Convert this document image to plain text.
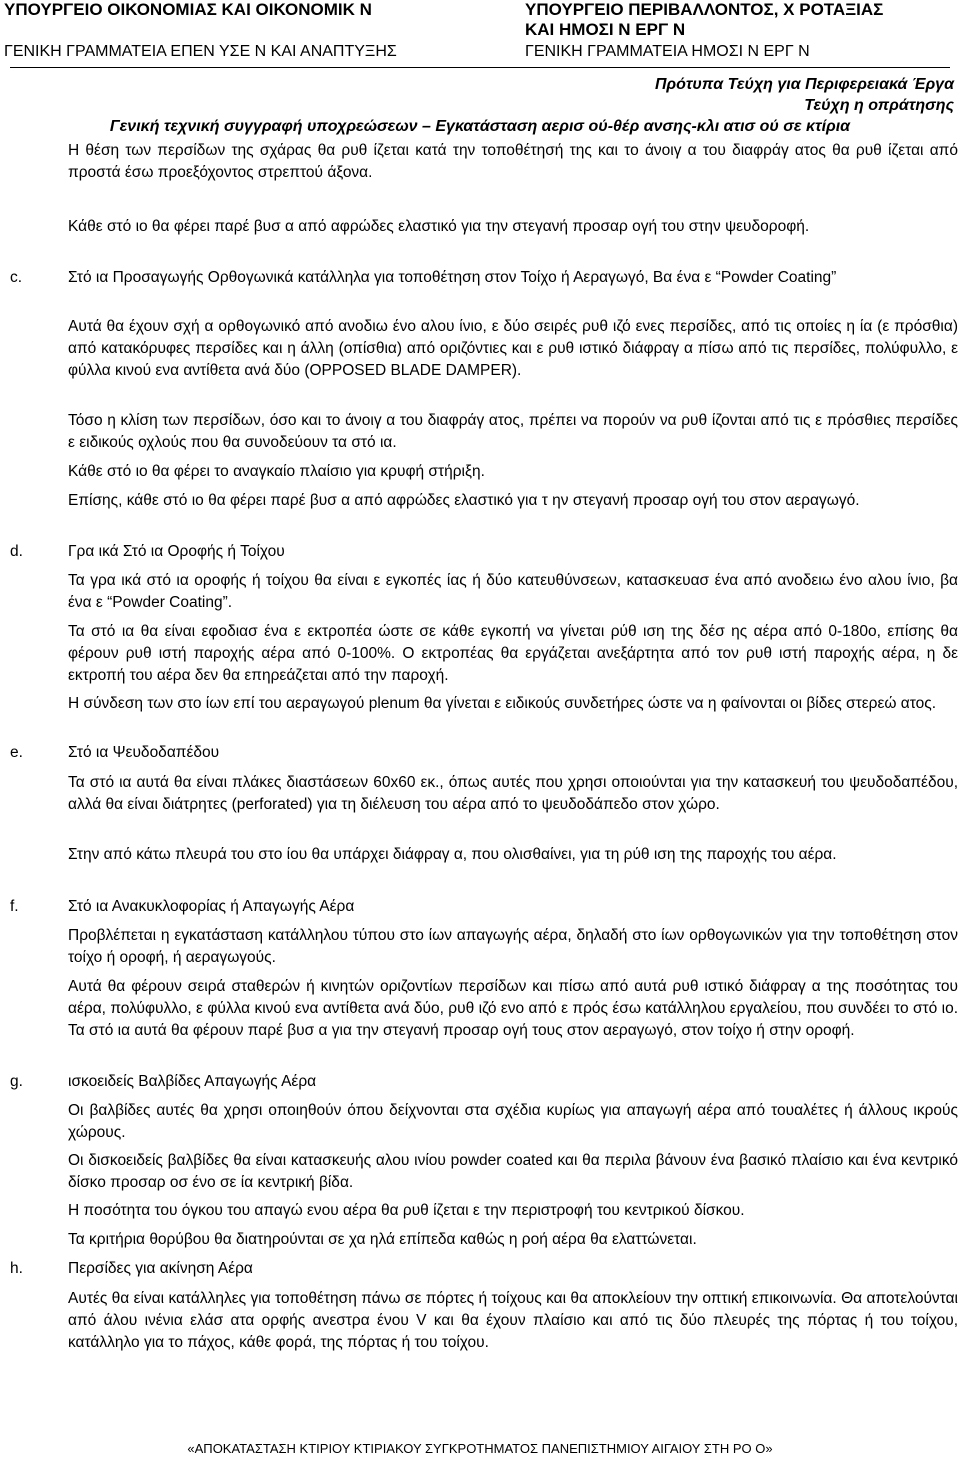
ΥΠΟΥΡΓΕΙΟ ΟΙΚΟΝΟΜΙΑΣ ΚΑΙ ΟΙΚΟΝΟΜΙΚ Ν	ΥΠΟΥΡΓΕΙΟ ΠΕΡΙΒΑΛΛΟΝΤΟΣ, Χ ΡΟΤΑΞΙΑΣ
ΚΑΙ ΗΜΟΣΙ Ν ΕΡΓ Ν
ΓΕΝΙΚΗ ΓΡΑΜΜΑΤΕΙΑ ΕΠΕΝ ΥΣΕ Ν ΚΑΙ ΑΝΑΠΤΥΞΗΣ	ΓΕΝΙΚΗ ΓΡΑΜΜΑΤΕΙΑ ΗΜΟΣΙ Ν ΕΡΓ Ν
Πρότυπα Τεύχη για Περιφερειακά Έργα
Τεύχη η οπράτησης
Γενική τεχνική συγγραφή υποχρεώσεων – Εγκατάσταση αερισ ού-θέρ ανσης-κλι ατισ ού σε κτίρια
Η θέση των περσίδων της σχάρας θα ρυθ ίζεται κατά την τοποθέτησή της και το άνοιγ α του διαφράγ ατος θα ρυθ ίζεται από προστά έσω προεξόχοντος στρεπτού άξονα.
Κάθε στό ιο θα φέρει παρέ βυσ α από αφρώδες ελαστικό για την στεγανή προσαρ ογή του στην ψευδοροφή.
c.	Στό ια Προσαγωγής Ορθογωνικά κατάλληλα για τοποθέτηση στον Τοίχο ή Αεραγωγό, Βα ένα ε “Powder Coating”
Αυτά θα έχουν σχή α ορθογωνικό από ανοδιω ένο αλου ίνιο, ε δύο σειρές ρυθ ιζό ενες περσίδες, από τις οποίες η ία (ε πρόσθια) από κατακόρυφες περσίδες και η άλλη (οπίσθια) από οριζόντιες και ε ρυθ ιστικό διάφραγ α πίσω από τις περσίδες, πολύφυλλο, ε φύλλα κινού ενα αντίθετα ανά δύο (OPPOSED BLADE DAMPER).
Τόσο η κλίση των περσίδων, όσο και το άνοιγ α του διαφράγ ατος, πρέπει να πορούν να ρυθ ίζονται από τις ε πρόσθιες περσίδες ε ειδικούς οχλούς που θα συνοδεύουν τα στό ια.
Κάθε στό ιο θα φέρει το αναγκαίο πλαίσιο για κρυφή στήριξη.
Επίσης, κάθε στό ιο θα φέρει παρέ βυσ α από αφρώδες ελαστικό για τ ην στεγανή προσαρ ογή του στον αεραγωγό.
d.	Γρα ικά Στό ια Οροφής ή Τοίχου
Τα γρα ικά στό ια οροφής ή τοίχου θα είναι ε εγκοπές ίας ή δύο κατευθύνσεων, κατασκευασ ένα από ανοδειω ένο αλου ίνιο, βα ένα ε “Powder Coating”.
Τα στό ια θα είναι εφοδιασ ένα ε εκτροπέα ώστε σε κάθε εγκοπή να γίνεται ρύθ ιση της δέσ ης αέρα από 0-180ο, επίσης θα φέρουν ρυθ ιστή παροχής αέρα από 0-100%. Ο εκτροπέας θα εργάζεται ανεξάρτητα από τον ρυθ ιστή παροχής αέρα, η δε εκτροπή του αέρα δεν θα επηρεάζεται από την παροχή.
Η σύνδεση των στο ίων επί του αεραγωγού plenum θα γίνεται ε ειδικούς συνδετήρες ώστε να η φαίνονται οι βίδες στερεώ ατος.
e.	Στό ια Ψευδοδαπέδου
Τα στό ια αυτά θα είναι πλάκες διαστάσεων 60x60 εκ., όπως αυτές που χρησι οποιούνται για την κατασκευή του ψευδοδαπέδου, αλλά θα είναι διάτρητες (perforated) για τη διέλευση του αέρα από το ψευδοδάπεδο στον χώρο.
Στην από κάτω πλευρά του στο ίου θα υπάρχει διάφραγ α, που ολισθαίνει, για τη ρύθ ιση της παροχής του αέρα.
f.	Στό ια Ανακυκλοφορίας ή Απαγωγής Αέρα
Προβλέπεται η εγκατάσταση κατάλληλου τύπου στο ίων απαγωγής αέρα, δηλαδή στο ίων ορθογωνικών για την τοποθέτηση στον τοίχο ή οροφή, ή αεραγωγούς.
Αυτά θα φέρουν σειρά σταθερών ή κινητών οριζοντίων περσίδων και πίσω από αυτά ρυθ ιστικό διάφραγ α της ποσότητας του αέρα, πολύφυλλο, ε φύλλα κινού ενα αντίθετα ανά δύο, ρυθ ιζό ενο από ε πρός έσω κατάλληλου εργαλείου, που συνδέει το στό ιο. Τα στό ια αυτά θα φέρουν παρέ βυσ α για την στεγανή προσαρ ογή τους στον αεραγωγό, στον τοίχο ή στην οροφή.
g.	ισκοειδείς Βαλβίδες Απαγωγής Αέρα
Οι βαλβίδες αυτές θα χρησι οποιηθούν όπου δείχνονται στα σχέδια κυρίως για απαγωγή αέρα από τουαλέτες ή άλλους ικρούς χώρους.
Οι δισκοειδείς βαλβίδες θα είναι κατασκευής αλου ινίου powder coated και θα περιλα βάνουν ένα βασικό πλαίσιο και ένα κεντρικό δίσκο προσαρ οσ ένο σε ία κεντρική βίδα.
Η ποσότητα του όγκου του απαγώ ενου αέρα θα ρυθ ίζεται ε την περιστροφή του κεντρικού δίσκου.
Τα κριτήρια θορύβου θα διατηρούνται σε χα ηλά επίπεδα καθώς η ροή αέρα θα ελαττώνεται.
h.	Περσίδες για ακίνηση Αέρα
Αυτές θα είναι κατάλληλες για τοποθέτηση πάνω σε πόρτες ή τοίχους και θα αποκλείουν την οπτική επικοινωνία. Θα αποτελούνται από άλου ινένια ελάσ ατα ορφής ανεστρα ένου V και θα έχουν πλαίσιο και από τις δύο πλευρές της πόρτας ή του τοίχου, κατάλληλο για το πάχος, κάθε φορά, της πόρτας ή του τοίχου.
«ΑΠΟΚΑΤΑΣΤΑΣΗ ΚΤΙΡΙΟΥ ΚΤΙΡΙΑΚΟΥ ΣΥΓΚΡΟΤΗΜΑΤΟΣ ΠΑΝΕΠΙΣΤΗΜΙΟΥ ΑΙΓΑΙΟΥ ΣΤΗ ΡΟ Ο»
